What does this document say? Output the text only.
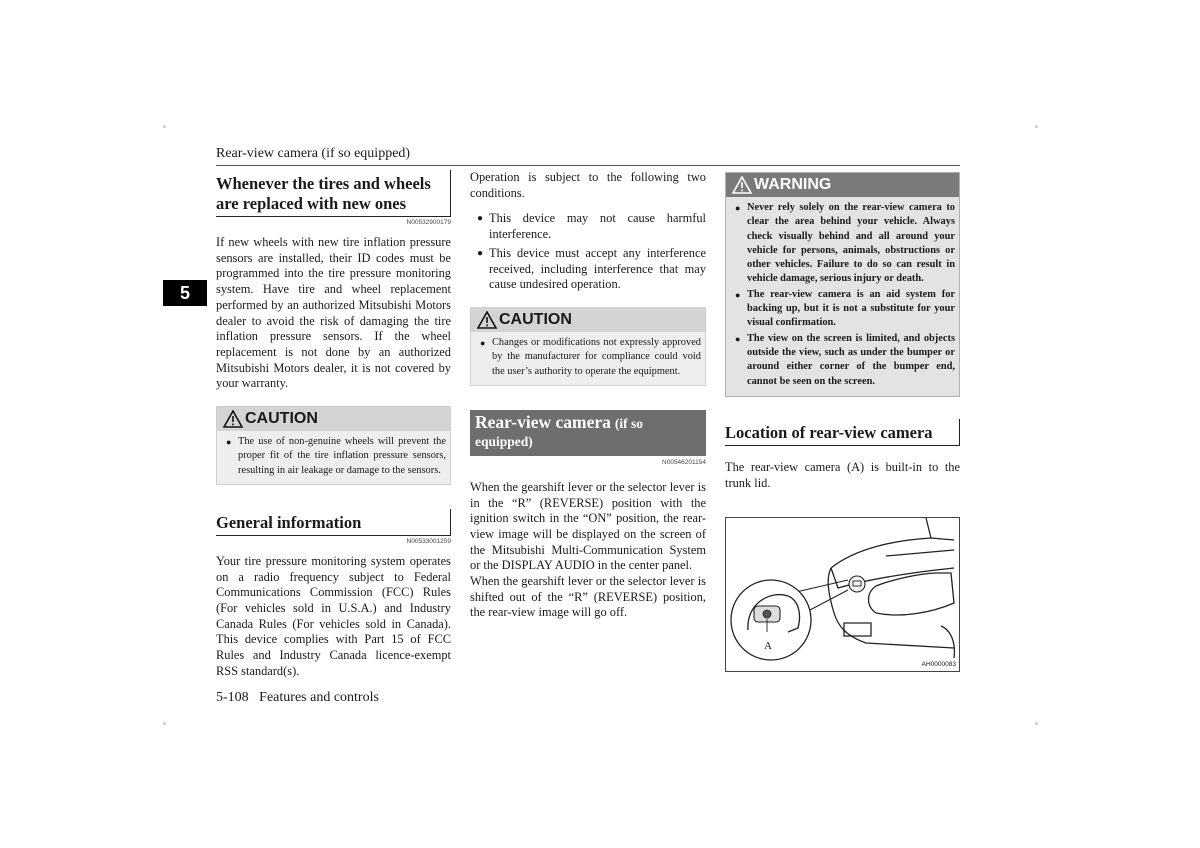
Rear-view camera (if so equipped)
5
Whenever the tires and wheels are replaced with new ones
N00532900179

If new wheels with new tire inflation pressure sensors are installed, their ID codes must be programmed into the tire pressure monitoring system. Have tire and wheel replacement performed by an authorized Mitsubishi Motors dealer to avoid the risk of damaging the tire inflation pressure sensors. If the wheel replacement is not done by an authorized Mitsubishi Motors dealer, it is not covered by your warranty.

CAUTION
● The use of non-genuine wheels will prevent the proper fit of the tire inflation pressure sensors, resulting in air leakage or damage to the sensors.
General information
N00533001259

Your tire pressure monitoring system operates on a radio frequency subject to Federal Communications Commission (FCC) Rules (For vehicles sold in U.S.A.) and Industry Canada Rules (For vehicles sold in Canada). This device complies with Part 15 of FCC Rules and Industry Canada licence-exempt RSS standard(s).

Operation is subject to the following two conditions.

● This device may not cause harmful interference.
● This device must accept any interference received, including interference that may cause undesired operation.
CAUTION
● Changes or modifications not expressly approved by the manufacturer for compliance could void the user’s authority to operate the equipment.
Rear-view camera (if so equipped)
N00546201154

When the gearshift lever or the selector lever is in the “R” (REVERSE) position with the ignition switch in the “ON” position, the rear-view image will be displayed on the screen of the Mitsubishi Multi-Communication System or the DISPLAY AUDIO in the center panel.

When the gearshift lever or the selector lever is shifted out of the “R” (REVERSE) position, the rear-view image will go off.

WARNING
● Never rely solely on the rear-view camera to clear the area behind your vehicle. Always check visually behind and all around your vehicle for persons, animals, obstructions or other vehicles. Failure to do so can result in vehicle damage, serious injury or death.
● The rear-view camera is an aid system for backing up, but it is not a substitute for your visual confirmation.
● The view on the screen is limited, and objects outside the view, such as under the bumper or around either corner of the bumper end, cannot be seen on the screen.
Location of rear-view camera

The rear-view camera (A) is built-in to the trunk lid.

A
AH0000083
5-108 Features and controls
